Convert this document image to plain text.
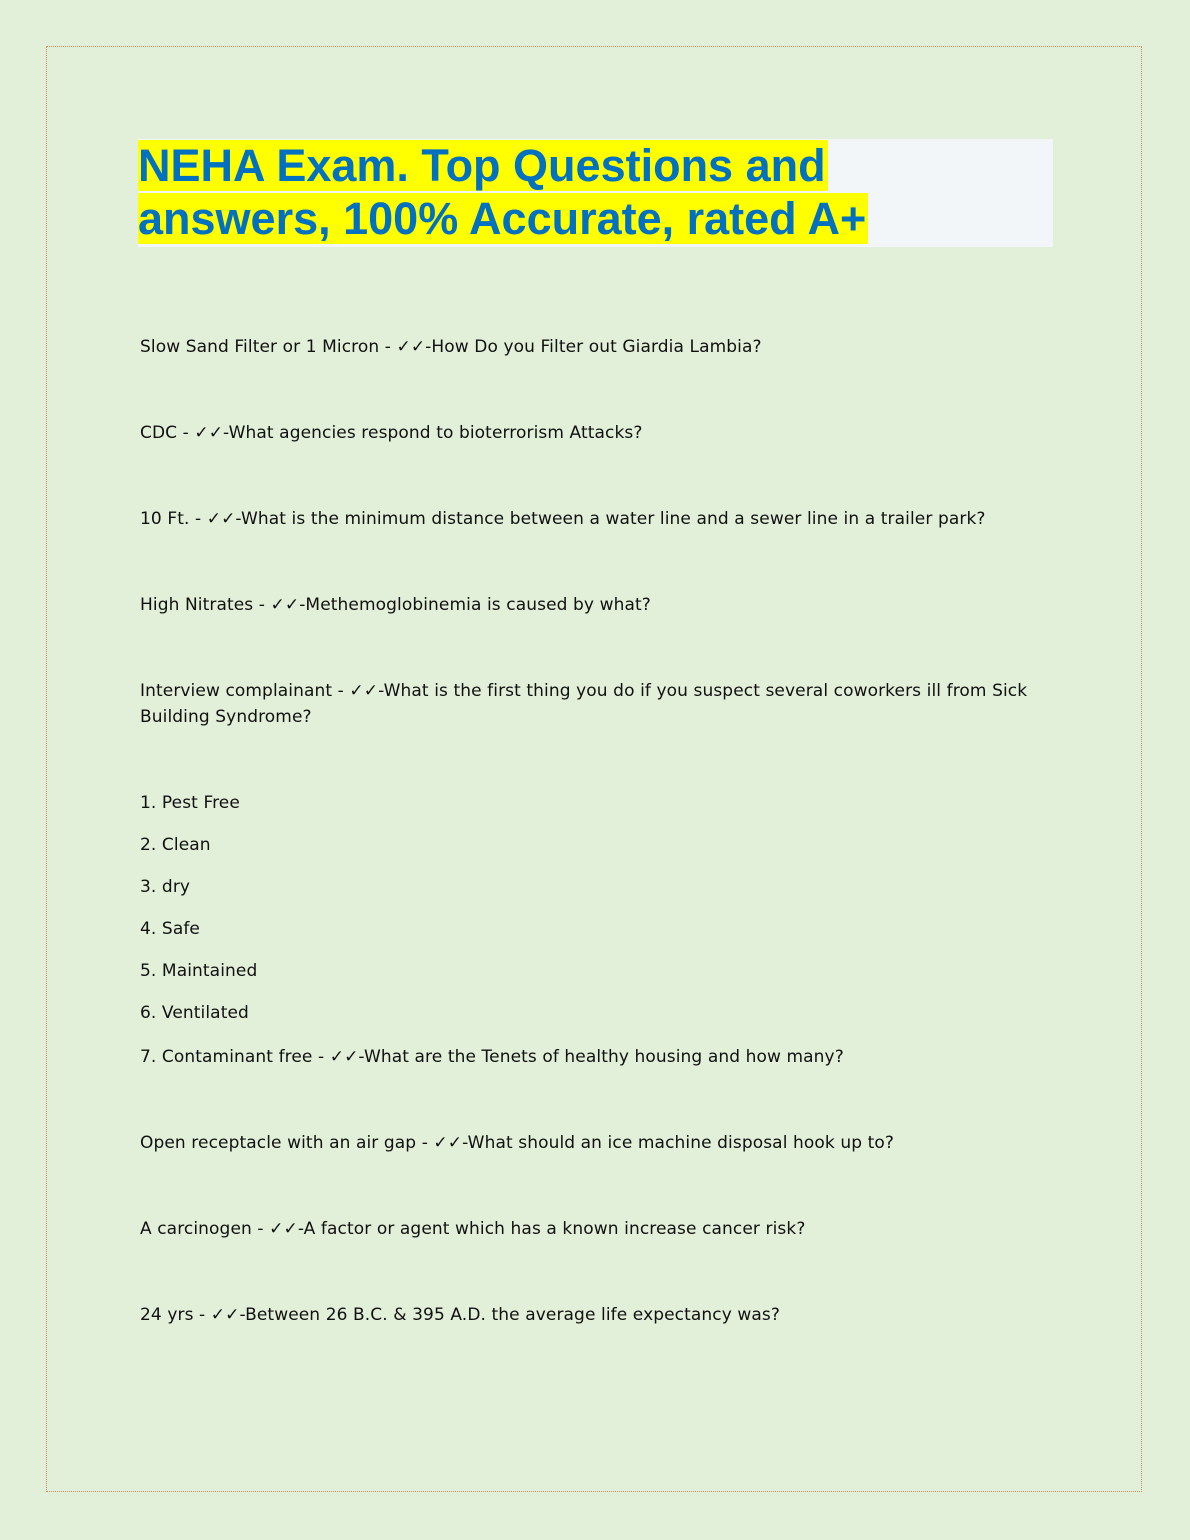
NEHA Exam. Top Questions and
answers, 100% Accurate, rated A+

Slow Sand Filter or 1 Micron - ✓✓-How Do you Filter out Giardia Lambia?

CDC - ✓✓-What agencies respond to bioterrorism Attacks?

10 Ft. - ✓✓-What is the minimum distance between a water line and a sewer line in a trailer park?

High Nitrates - ✓✓-Methemoglobinemia is caused by what?

Interview complainant - ✓✓-What is the first thing you do if you suspect several coworkers ill from Sick Building Syndrome?

1. Pest Free

2. Clean

3. dry

4. Safe

5. Maintained

6. Ventilated

7. Contaminant free - ✓✓-What are the Tenets of healthy housing and how many?

Open receptacle with an air gap - ✓✓-What should an ice machine disposal hook up to?

A carcinogen - ✓✓-A factor or agent which has a known increase cancer risk?

24 yrs - ✓✓-Between 26 B.C. & 395 A.D. the average life expectancy was?
